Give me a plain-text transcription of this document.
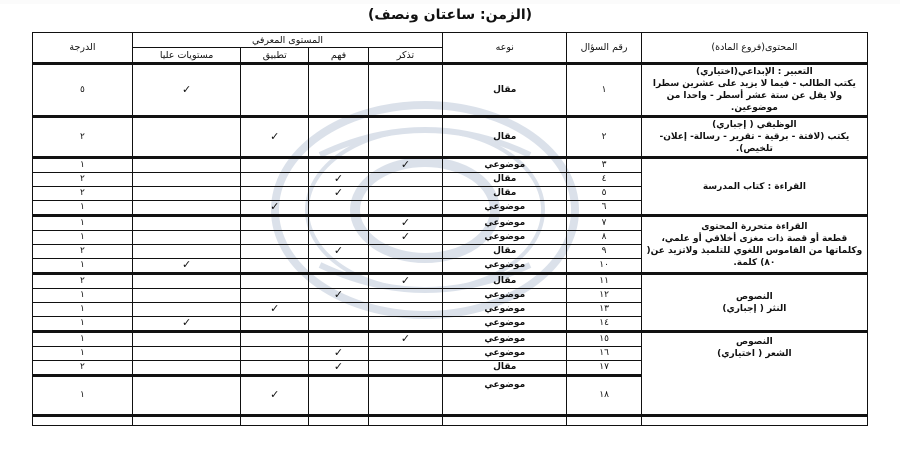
(الزمن: ساعتان ونصف)
المحتوى(فروع المادة)	رقم السؤال	نوعه	المستوى المعرفي				الدرجة
			تذكر	فهم	تطبيق	مستويات عليا	

التعبير : الإبداعي(اختياري)
يكتب الطالب - فيما لا يزيد على عشرين سطرا ولا يقل عن ستة عشر أسطر - واحدا من موضوعين.	١	مقال				✓	٥

الوظيفي ( إجباري)
يكتب (لافتة - برقية - تقرير - رسالة- إعلان- تلخيص).	٢	مقال			✓		٢

القراءة : كتاب المدرسة	٣	موضوعي	✓				١
	٤	مقال		✓			٢
	٥	مقال		✓			٢
	٦	موضوعي			✓		١

القراءة متحررة المحتوى
قطعة أو قصة ذات مغزى أخلاقي أو علمي، وكلماتها من القاموس اللغوي للتلميذ ولاتزيد عن( ٨٠) كلمة.	٧	موضوعي	✓				١
	٨	موضوعي	✓				١
	٩	مقال		✓			٢
	١٠	موضوعي				✓	١

النصوص
النثر ( إجباري)	١١	مقال	✓				٢
	١٢	موضوعي		✓			١
	١٣	موضوعي			✓		١
	١٤	موضوعي				✓	١

النصوص
الشعر ( اختياري)	١٥	موضوعي	✓				١
	١٦	موضوعي		✓			١
	١٧	مقال		✓			٢
	١٨	موضوعي			✓		١
